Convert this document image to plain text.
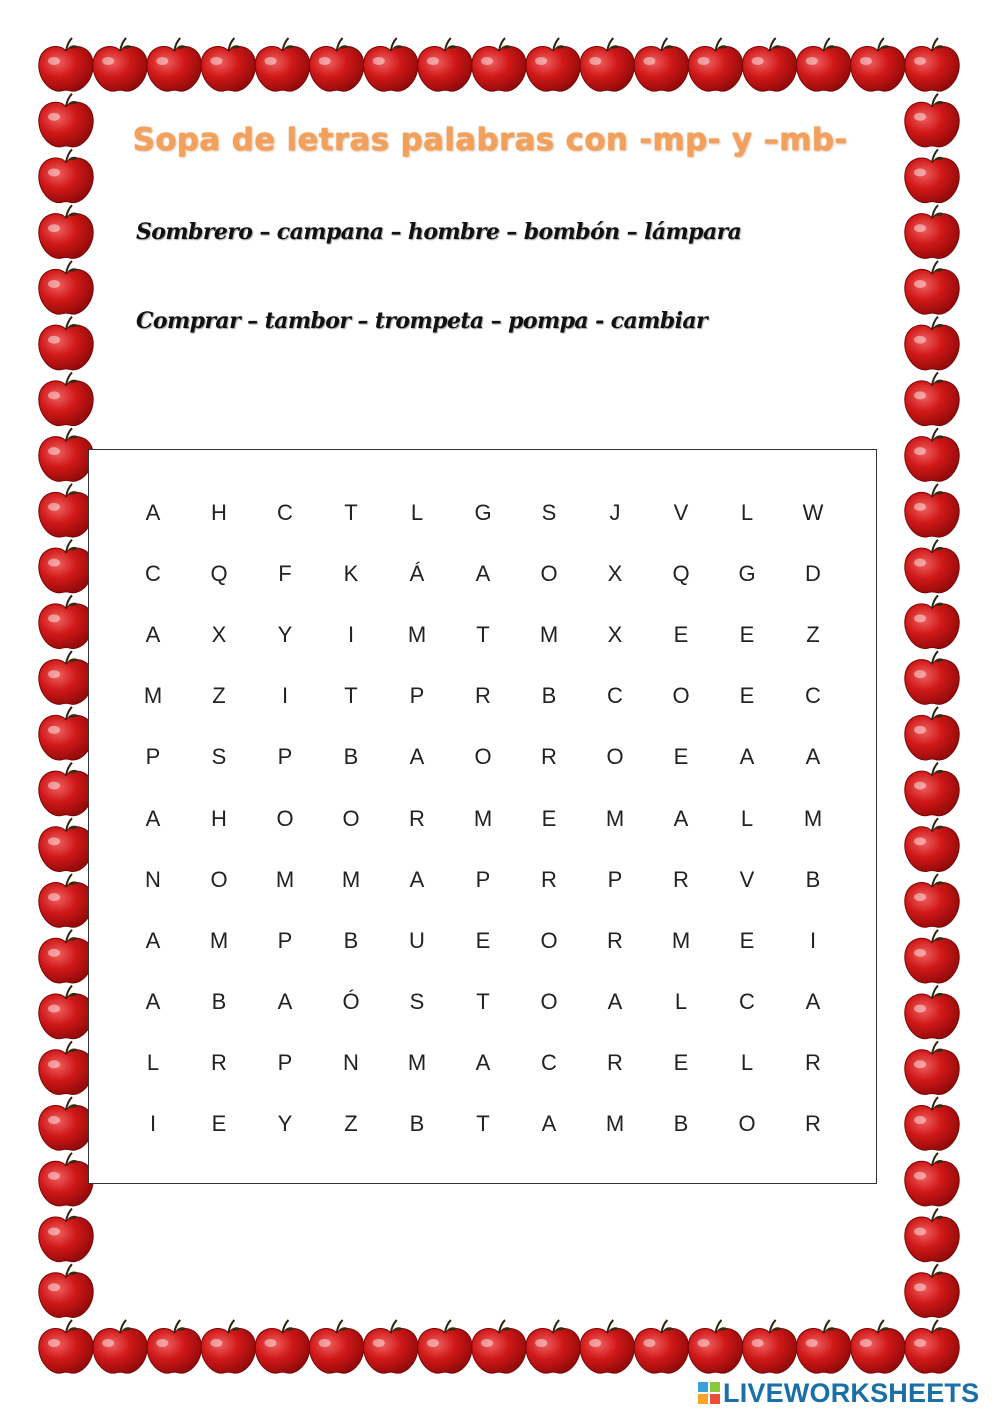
Sopa de letras palabras con -mp- y –mb-
Sombrero – campana – hombre – bombón – lámpara
Comprar – tambor – trompeta – pompa - cambiar
A	H	C	T	L	G	S	J	V	L	W
C	Q	F	K	Á	A	O	X	Q	G	D
A	X	Y	I	M	T	M	X	E	E	Z
M	Z	I	T	P	R	B	C	O	E	C
P	S	P	B	A	O	R	O	E	A	A
A	H	O	O	R	M	E	M	A	L	M
N	O	M	M	A	P	R	P	R	V	B
A	M	P	B	U	E	O	R	M	E	I
A	B	A	Ó	S	T	O	A	L	C	A
L	R	P	N	M	A	C	R	E	L	R
I	E	Y	Z	B	T	A	M	B	O	R
LIVEWORKSHEETS
